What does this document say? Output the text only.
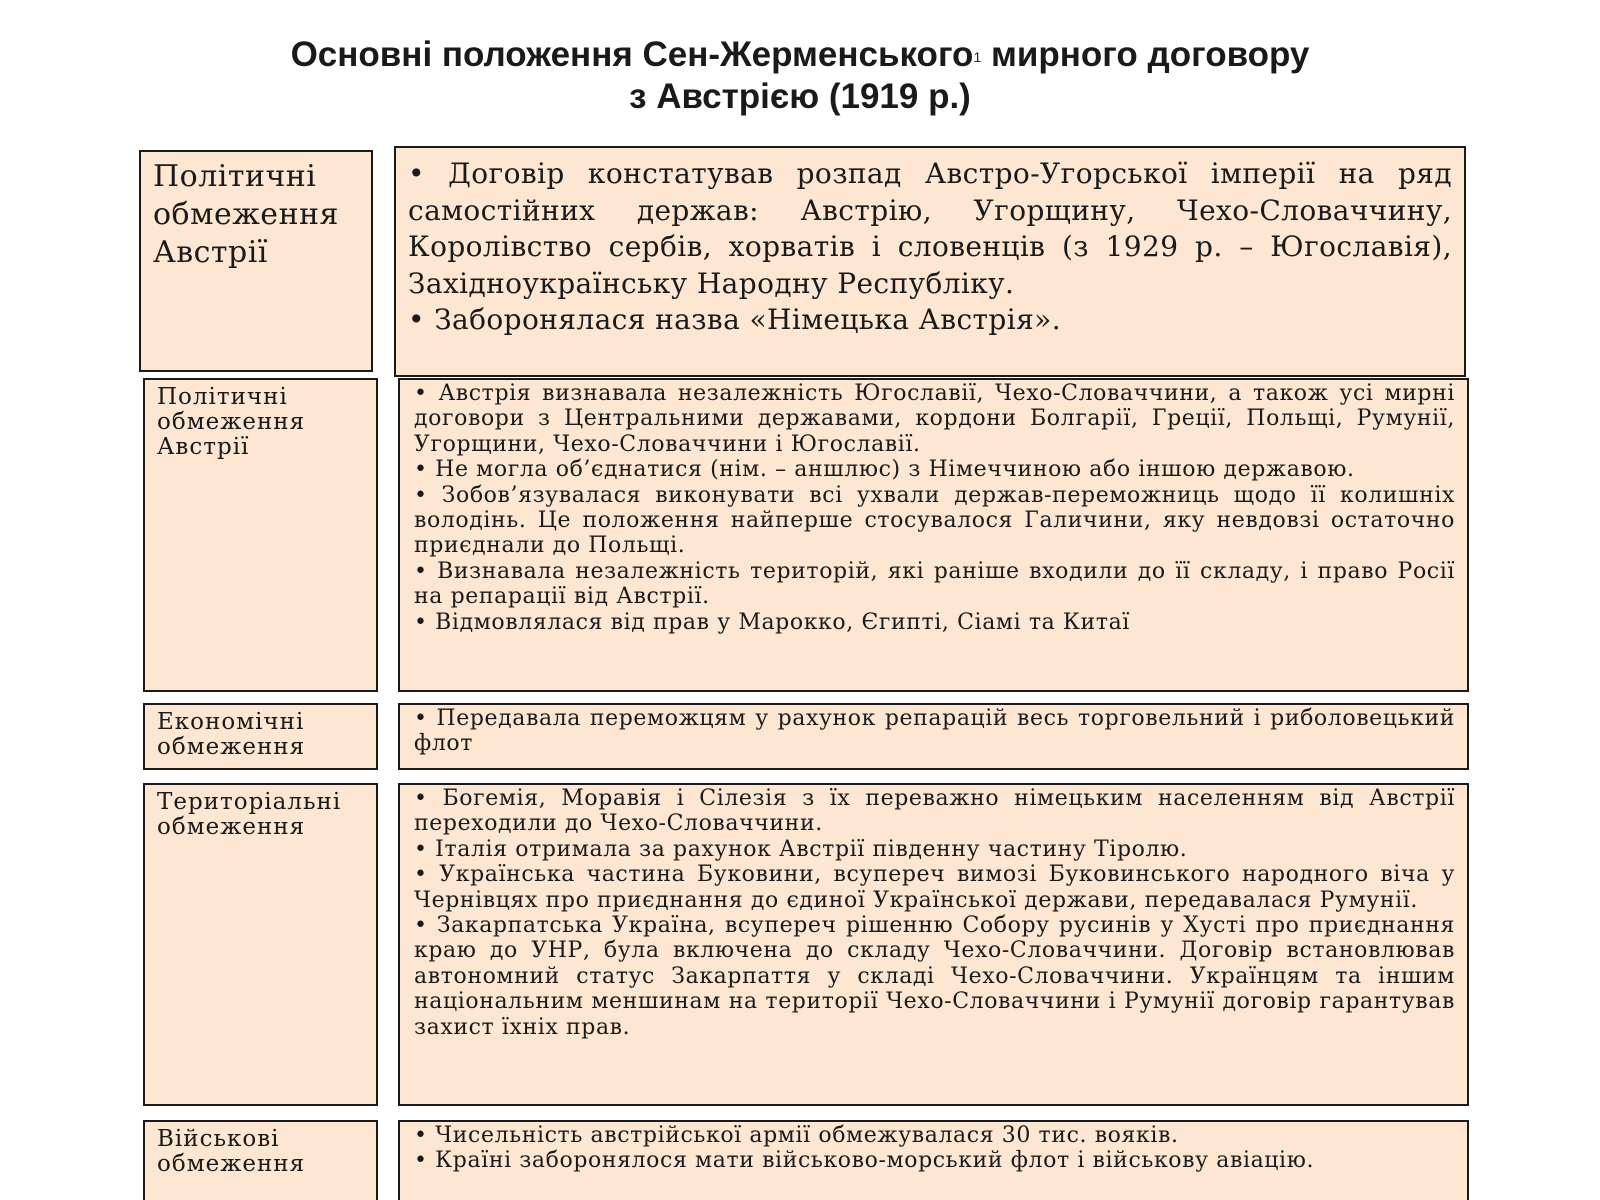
Основні положення Сен-Жерменського$^1$ мирного договору
з Австрією (1919 р.)
Політичні обмеження Австрії

• Договір констатував розпад Австро-Угорської імперії на ряд самостійних держав: Австрію, Угорщину, Чехо-Словаччину, Королівство сербів, хорватів і словенців (з 1929 р. – Югославія), Західноукраїнську Народну Республіку.

• Заборонялася назва «Німецька Австрія».

Політичні обмеження Австрії

• Австрія визнавала незалежність Югославії, Чехо-Словаччини, а також усі мирні договори з Центральними державами, кордони Болгарії, Греції, Польщі, Румунії, Угорщини, Чехо-Словаччини і Югославії.

• Не могла об’єднатися (нім. – аншлюс) з Німеччиною або іншою державою.

• Зобов’язувалася виконувати всі ухвали держав-переможниць щодо її колишніх володінь. Це положення найперше стосувалося Галичини, яку невдовзі остаточно приєднали до Польщі.

• Визнавала незалежність територій, які раніше входили до її складу, і право Росії на репарації від Австрії.

• Відмовлялася від прав у Марокко, Єгипті, Сіамі та Китаї

Економічні обмеження

• Передавала переможцям у рахунок репарацій весь торговельний і риболовецький флот

Територіальні обмеження

• Богемія, Моравія і Сілезія з їх переважно німецьким населенням від Австрії переходили до Чехо-Словаччини.

• Італія отримала за рахунок Австрії південну частину Тіролю.

• Українська частина Буковини, всупереч вимозі Буковинського народного віча у Чернівцях про приєднання до єдиної Української держави, передавалася Румунії.

• Закарпатська Україна, всупереч рішенню Собору русинів у Хусті про приєднання краю до УНР, була включена до складу Чехо-Словаччини. Договір встановлював автономний статус Закарпаття у складі Чехо-Словаччини. Українцям та іншим національним меншинам на території Чехо-Словаччини і Румунії договір гарантував захист їхніх прав.

Військові обмеження

• Чисельність австрійської армії обмежувалася 30 тис. вояків.

• Країні заборонялося мати військово-морський флот і військову авіацію.
